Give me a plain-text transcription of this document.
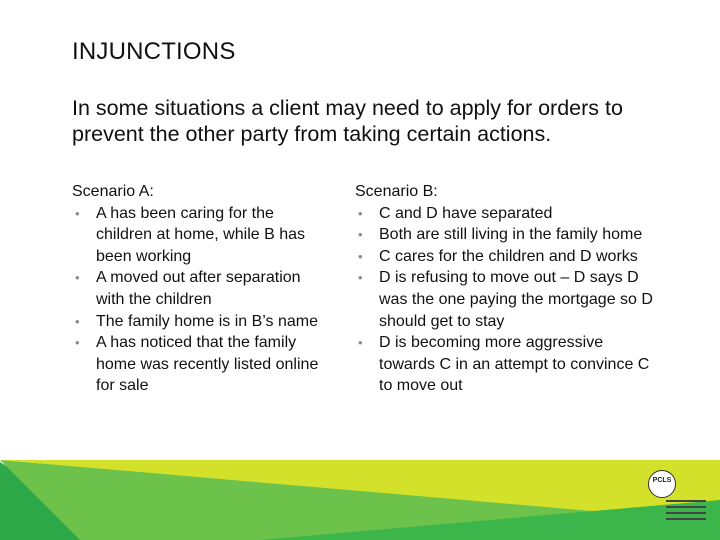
INJUNCTIONS
In some situations a client may need to apply for orders to prevent the other party from taking certain actions.
Scenario A:
• A has been caring for the children at home, while B has been working
• A moved out after separation with the children
• The family home is in B’s name
• A has noticed that the family home was recently listed online for sale
Scenario B:
• C and D have separated
• Both are still living in the family home
• C cares for the children and D works
• D is refusing to move out – D says D was the one paying the mortgage so D should get to stay
• D is becoming more aggressive towards C in an attempt to convince C to move out
PCLS
